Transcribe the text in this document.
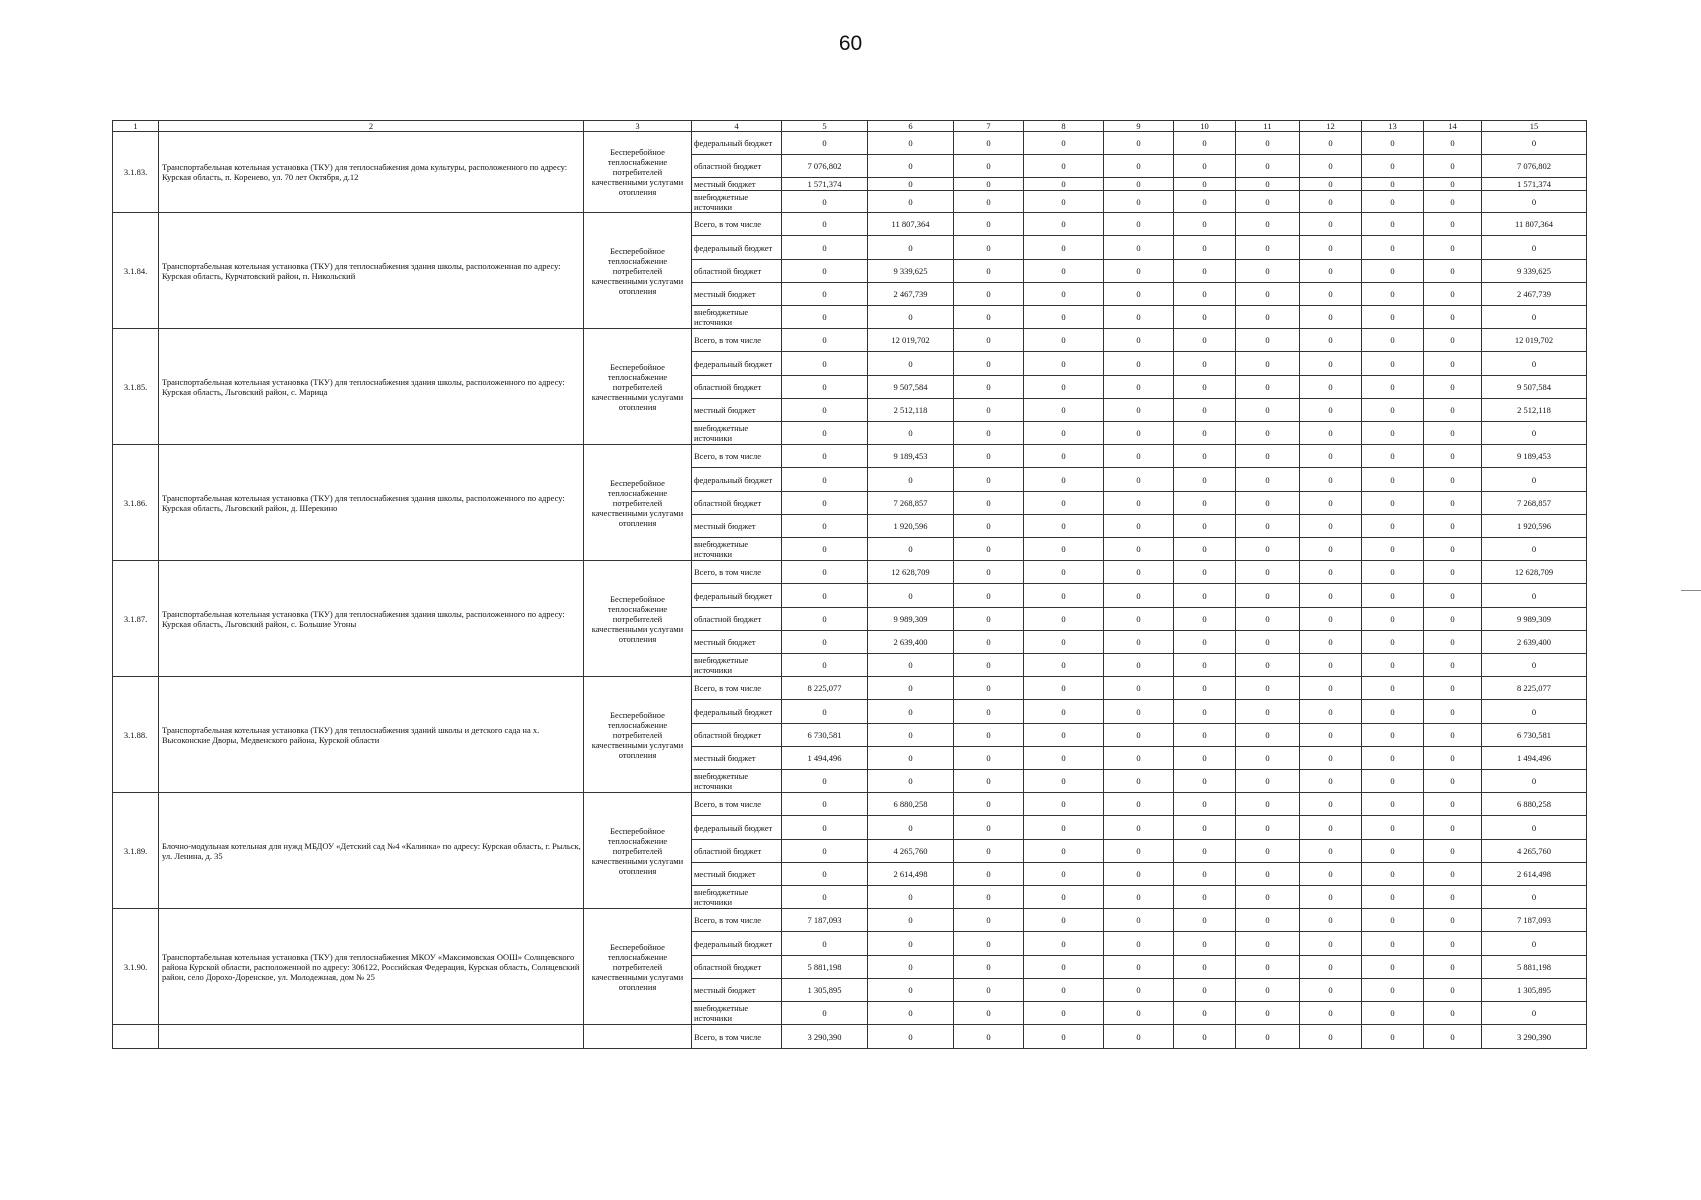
60
1	2	3	4	5	6	7	8	9	10	11	12	13	14	15
3.1.83.	Транспортабельная котельная установка (ТКУ) для теплоснабжения дома культуры, расположенного по адресу: Курская область, п. Коренево, ул. 70 лет Октября, д.12	Бесперебойное теплоснабжение потребителей качественными услугами отопления	федеральный бюджет	0	0	0	0	0	0	0	0	0	0	0
			областной бюджет	7 076,802	0	0	0	0	0	0	0	0	0	7 076,802
			местный бюджет	1 571,374	0	0	0	0	0	0	0	0	0	1 571,374
			внебюджетные источники	0	0	0	0	0	0	0	0	0	0	0
3.1.84.	Транспортабельная котельная установка (ТКУ) для теплоснабжения здания школы, расположенная по адресу: Курская область, Курчатовский район, п. Никольский	Бесперебойное теплоснабжение потребителей качественными услугами отопления	Всего, в том числе	0	11 807,364	0	0	0	0	0	0	0	0	11 807,364
			федеральный бюджет	0	0	0	0	0	0	0	0	0	0	0
			областной бюджет	0	9 339,625	0	0	0	0	0	0	0	0	9 339,625
			местный бюджет	0	2 467,739	0	0	0	0	0	0	0	0	2 467,739
			внебюджетные источники	0	0	0	0	0	0	0	0	0	0	0
3.1.85.	Транспортабельная котельная установка (ТКУ) для теплоснабжения здания школы, расположенного по адресу: Курская область, Льговский район, с. Марица	Бесперебойное теплоснабжение потребителей качественными услугами отопления	Всего, в том числе	0	12 019,702	0	0	0	0	0	0	0	0	12 019,702
			федеральный бюджет	0	0	0	0	0	0	0	0	0	0	0
			областной бюджет	0	9 507,584	0	0	0	0	0	0	0	0	9 507,584
			местный бюджет	0	2 512,118	0	0	0	0	0	0	0	0	2 512,118
			внебюджетные источники	0	0	0	0	0	0	0	0	0	0	0
3.1.86.	Транспортабельная котельная установка (ТКУ) для теплоснабжения здания школы, расположенного по адресу: Курская область, Льговский район, д. Шерекино	Бесперебойное теплоснабжение потребителей качественными услугами отопления	Всего, в том числе	0	9 189,453	0	0	0	0	0	0	0	0	9 189,453
			федеральный бюджет	0	0	0	0	0	0	0	0	0	0	0
			областной бюджет	0	7 268,857	0	0	0	0	0	0	0	0	7 268,857
			местный бюджет	0	1 920,596	0	0	0	0	0	0	0	0	1 920,596
			внебюджетные источники	0	0	0	0	0	0	0	0	0	0	0
3.1.87.	Транспортабельная котельная установка (ТКУ) для теплоснабжения здания школы, расположенного по адресу: Курская область, Льговский район, с. Большие Угоны	Бесперебойное теплоснабжение потребителей качественными услугами отопления	Всего, в том числе	0	12 628,709	0	0	0	0	0	0	0	0	12 628,709
			федеральный бюджет	0	0	0	0	0	0	0	0	0	0	0
			областной бюджет	0	9 989,309	0	0	0	0	0	0	0	0	9 989,309
			местный бюджет	0	2 639,400	0	0	0	0	0	0	0	0	2 639,400
			внебюджетные источники	0	0	0	0	0	0	0	0	0	0	0
3.1.88.	Транспортабельная котельная установка (ТКУ) для теплоснабжения зданий школы и детского сада на х. Высоконские Дворы, Медвенского района, Курской области	Бесперебойное теплоснабжение потребителей качественными услугами отопления	Всего, в том числе	8 225,077	0	0	0	0	0	0	0	0	0	8 225,077
			федеральный бюджет	0	0	0	0	0	0	0	0	0	0	0
			областной бюджет	6 730,581	0	0	0	0	0	0	0	0	0	6 730,581
			местный бюджет	1 494,496	0	0	0	0	0	0	0	0	0	1 494,496
			внебюджетные источники	0	0	0	0	0	0	0	0	0	0	0
3.1.89.	Блочно-модульная котельная для нужд МБДОУ «Детский сад №4 «Калинка» по адресу: Курская область, г. Рыльск, ул. Ленина, д. 35	Бесперебойное теплоснабжение потребителей качественными услугами отопления	Всего, в том числе	0	6 880,258	0	0	0	0	0	0	0	0	6 880,258
			федеральный бюджет	0	0	0	0	0	0	0	0	0	0	0
			областной бюджет	0	4 265,760	0	0	0	0	0	0	0	0	4 265,760
			местный бюджет	0	2 614,498	0	0	0	0	0	0	0	0	2 614,498
			внебюджетные источники	0	0	0	0	0	0	0	0	0	0	0
3.1.90.	Транспортабельная котельная установка (ТКУ) для теплоснабжения МКОУ «Максимовская ООШ» Солнцевского района Курской области, расположенной по адресу: 306122, Российская Федерация, Курская область, Солнцевский район, село Дорохо-Доренское, ул. Молодежная, дом № 25	Бесперебойное теплоснабжение потребителей качественными услугами отопления	Всего, в том числе	7 187,093	0	0	0	0	0	0	0	0	0	7 187,093
			федеральный бюджет	0	0	0	0	0	0	0	0	0	0	0
			областной бюджет	5 881,198	0	0	0	0	0	0	0	0	0	5 881,198
			местный бюджет	1 305,895	0	0	0	0	0	0	0	0	0	1 305,895
			внебюджетные источники	0	0	0	0	0	0	0	0	0	0	0
			Всего, в том числе	3 290,390	0	0	0	0	0	0	0	0	0	3 290,390
